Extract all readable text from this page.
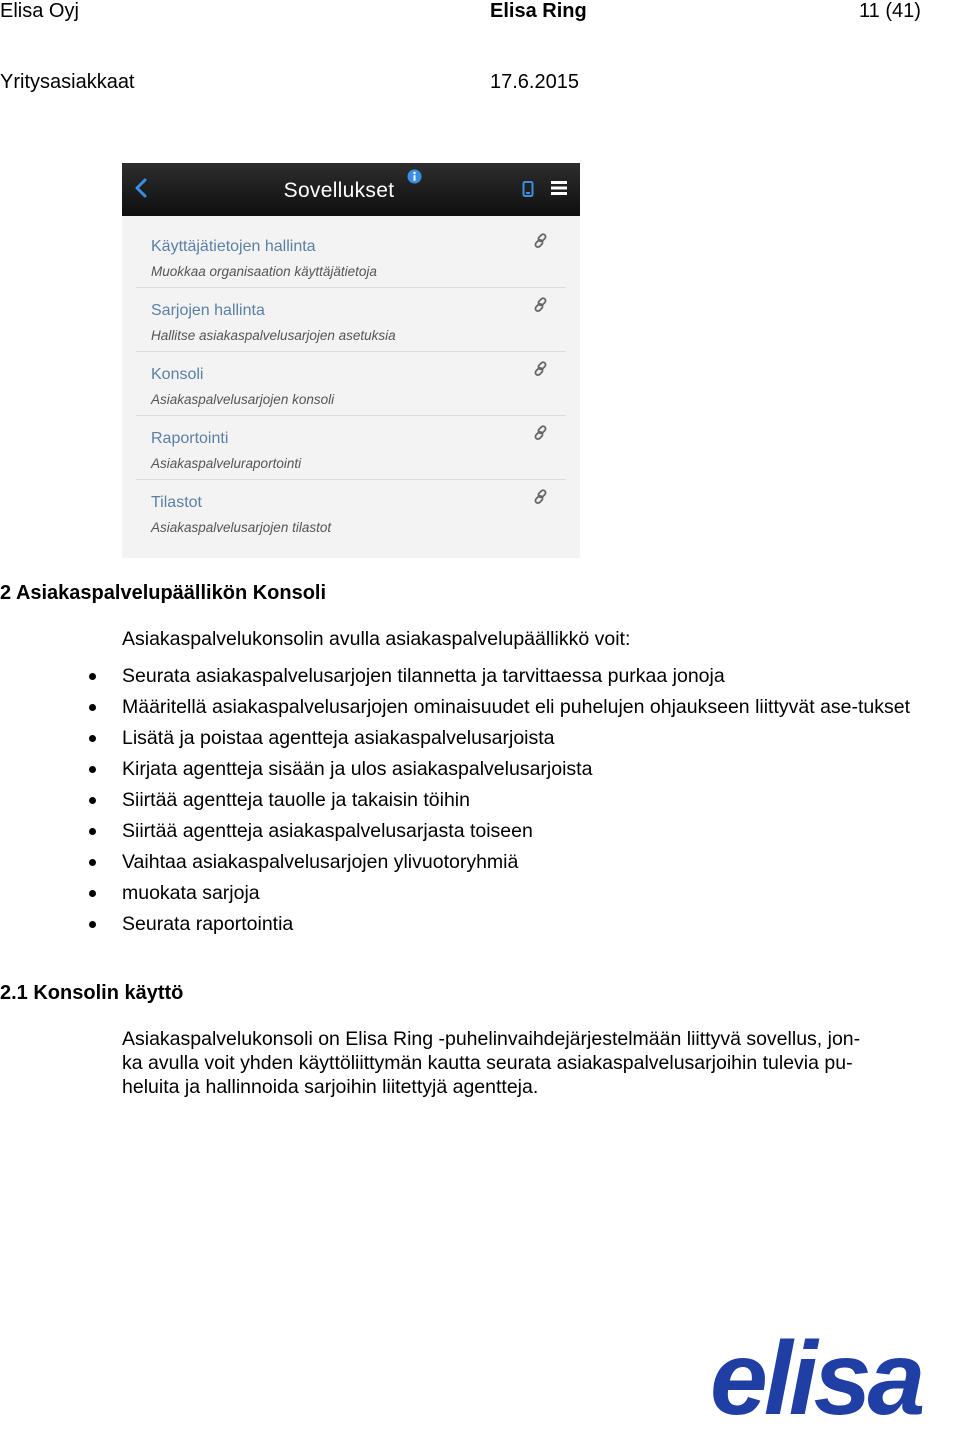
Elisa Oyj	Elisa Ring	11 (41)
Yritysasiakkaat	17.6.2015
Sovellukset
Käyttäjätietojen hallinta
Muokkaa organisaation käyttäjätietoja
Sarjojen hallinta
Hallitse asiakaspalvelusarjojen asetuksia
Konsoli
Asiakaspalvelusarjojen konsoli
Raportointi
Asiakaspalveluraportointi
Tilastot
Asiakaspalvelusarjojen tilastot
2 Asiakaspalvelupäällikön Konsoli
Asiakaspalvelukonsolin avulla asiakaspalvelupäällikkö voit:
Seurata asiakaspalvelusarjojen tilannetta ja tarvittaessa purkaa jonoja
Määritellä asiakaspalvelusarjojen ominaisuudet eli puhelujen ohjaukseen liittyvät ase-tukset
Lisätä ja poistaa agentteja asiakaspalvelusarjoista
Kirjata agentteja sisään ja ulos asiakaspalvelusarjoista
Siirtää agentteja tauolle ja takaisin töihin
Siirtää agentteja asiakaspalvelusarjasta toiseen
Vaihtaa asiakaspalvelusarjojen ylivuotoryhmiä
muokata sarjoja
Seurata raportointia
2.1 Konsolin käyttö
Asiakaspalvelukonsoli on Elisa Ring -puhelinvaihdejärjestelmään liittyvä sovellus, jon-
ka avulla voit yhden käyttöliittymän kautta seurata asiakaspalvelusarjoihin tulevia pu-
heluita ja hallinnoida sarjoihin liitettyjä agentteja.
elisa
